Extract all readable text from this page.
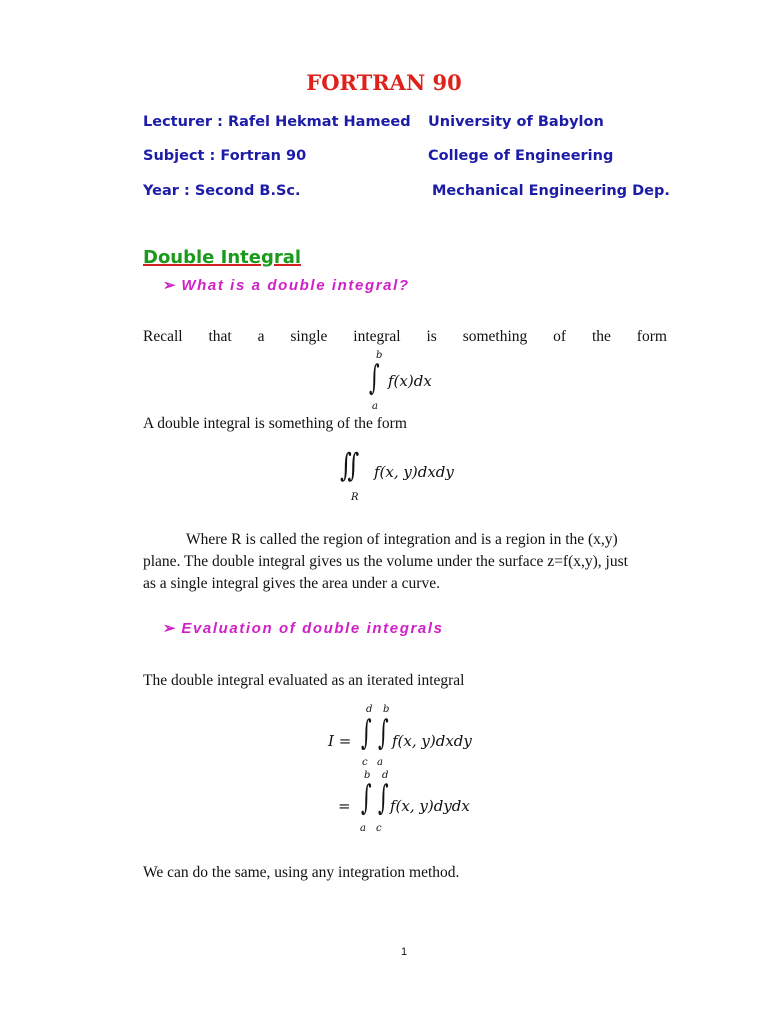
FORTRAN 90
Lecturer : Rafel Hekmat Hameed
Subject : Fortran 90
Year : Second B.Sc.
University of Babylon
College of Engineering
Mechanical Engineering Dep.
Double Integral
➢ What is a double integral?
Recall that a single integral is something of the form
b
∫
a
f(x)dx
A double integral is something of the form
∬
R
f(x, y)dxdy
Where R is called the region of integration and is a region in the (x,y)
plane. The double integral gives us the volume under the surface z=f(x,y), just
as a single integral gives the area under a curve.
➢ Evaluation of double integrals
The double integral evaluated as an iterated integral
I =
d
∫
c
b
∫
a
f(x, y)dxdy
=
b
∫
a
d
∫
c
f(x, y)dydx
We can do the same, using any integration method.
1
